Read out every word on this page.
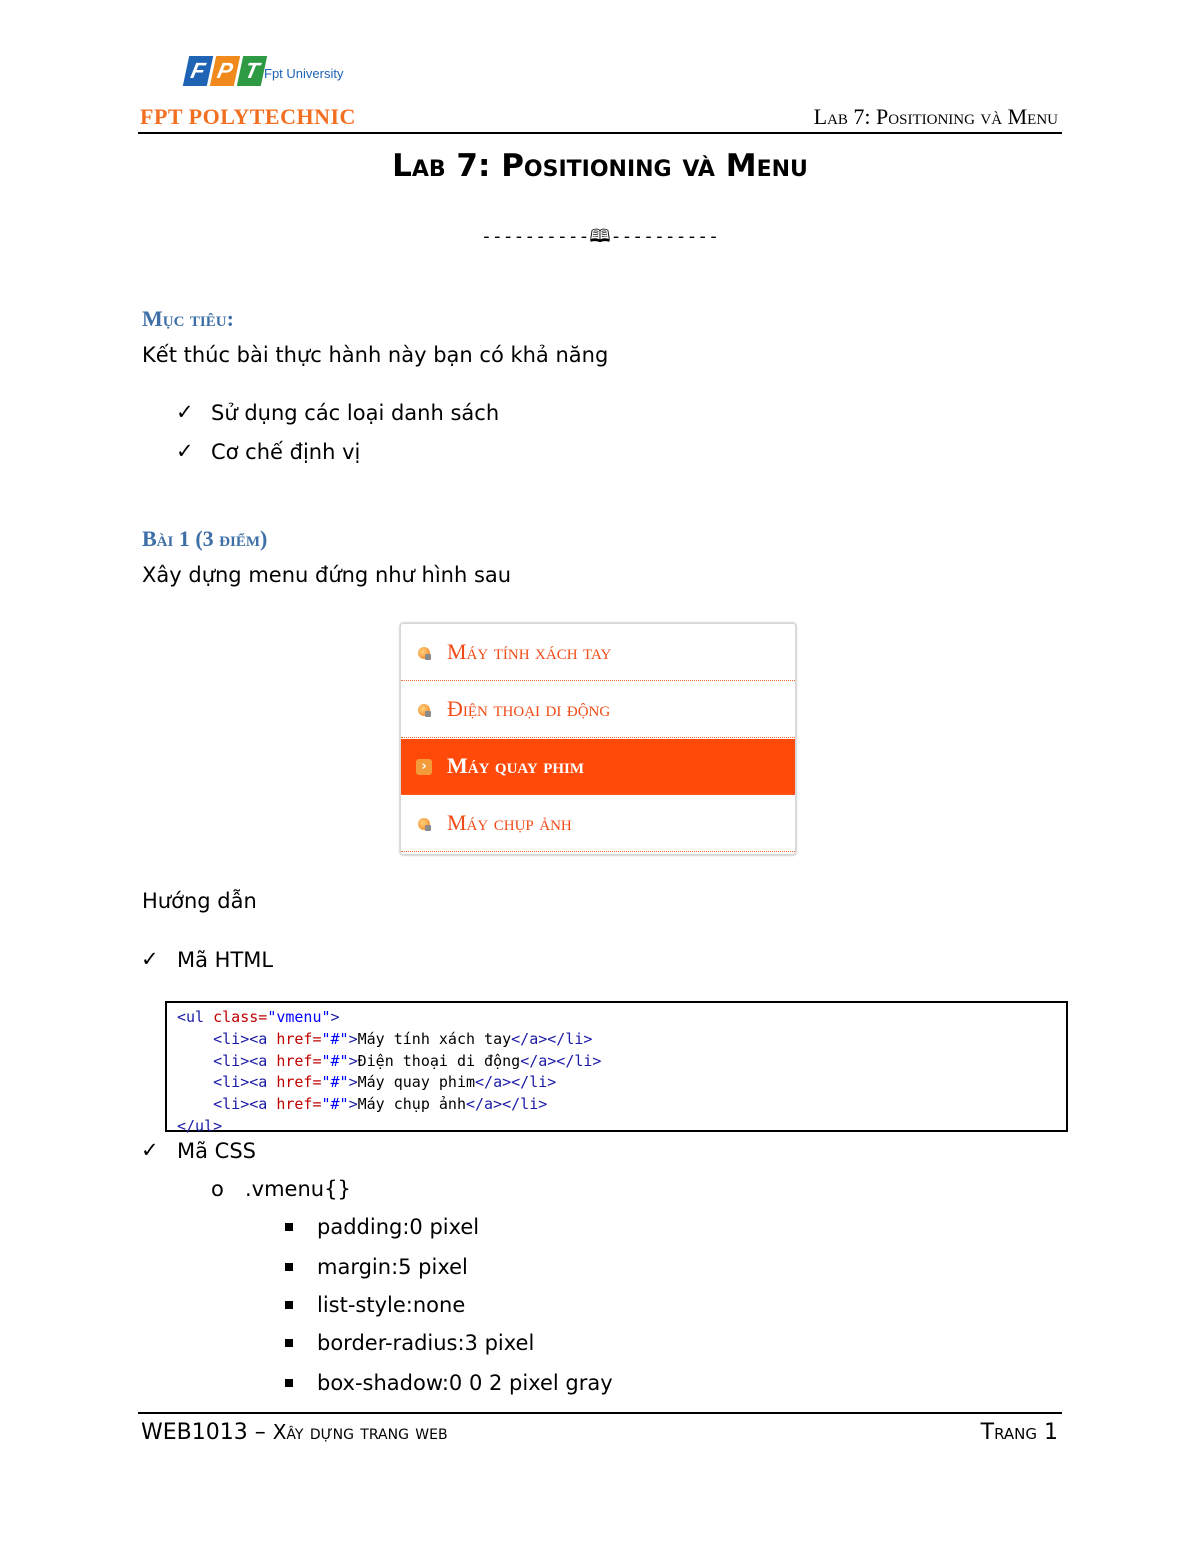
F P T Fpt University
FPT POLYTECHNIC	Lab 7: Positioning và Menu
Lab 7: Positioning và Menu
----------🕮----------
Mục tiêu:
Kết thúc bài thực hành này bạn có khả năng
✓ Sử dụng các loại danh sách
✓ Cơ chế định vị
Bài 1 (3 điểm)
Xây dựng menu đứng như hình sau
Máy tính xách tay
Điện thoại di động
› Máy quay phim
Máy chụp ảnh
Hướng dẫn
✓ Mã HTML
<ul class="vmenu">
<li><a href="#">Máy tính xách tay</a></li>
<li><a href="#">Điện thoại di động</a></li>
<li><a href="#">Máy quay phim</a></li>
<li><a href="#">Máy chụp ảnh</a></li>
</ul>
✓ Mã CSS
o .vmenu{}
padding:0 pixel
margin:5 pixel
list-style:none
border-radius:3 pixel
box-shadow:0 0 2 pixel gray
WEB1013 – Xây dựng trang web	Trang 1
